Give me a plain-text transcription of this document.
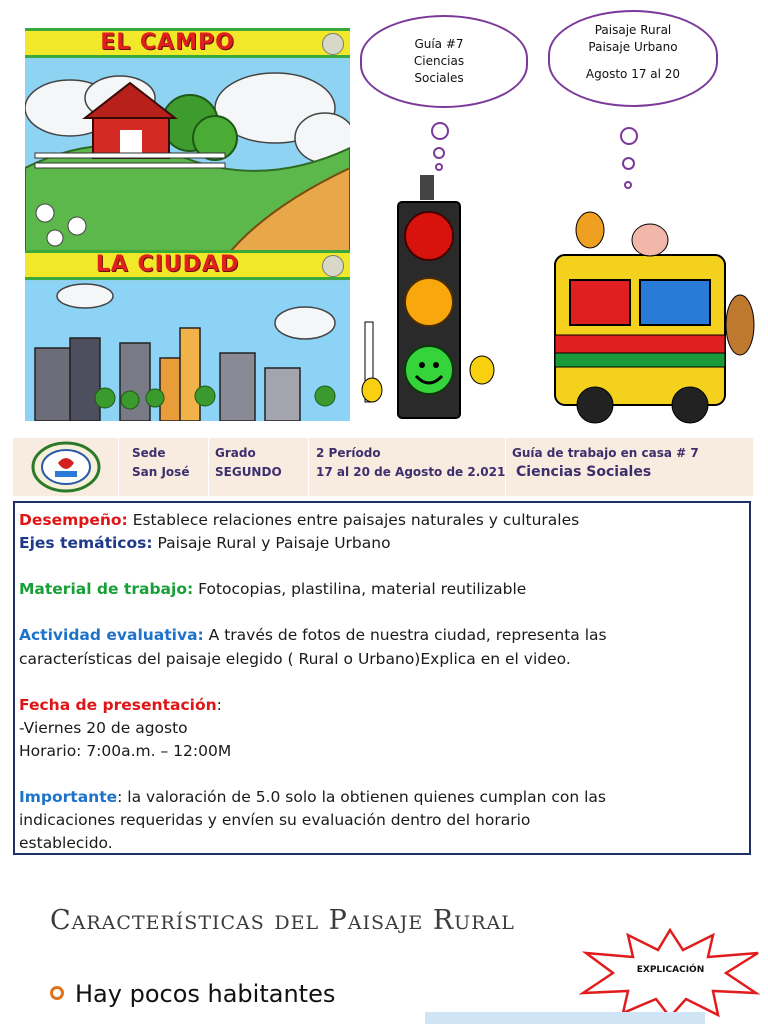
EL CAMPO
LA CIUDAD
Guía #7
Ciencias
Sociales
Paisaje Rural
Paisaje Urbano
Agosto 17 al 20
Sede
San José
Grado
SEGUNDO
2 Período
17 al 20 de Agosto de 2.021
Guía de trabajo en casa # 7
Ciencias Sociales
Desempeño: Establece relaciones entre paisajes naturales y culturales
Ejes temáticos: Paisaje Rural y Paisaje Urbano
Material de trabajo: Fotocopias, plastilina, material reutilizable
Actividad evaluativa: A través de fotos de nuestra ciudad, representa las
características del paisaje elegido ( Rural o Urbano)Explica en el video.
Fecha de presentación:
-Viernes 20 de agosto
Horario: 7:00a.m. – 12:00M
Importante: la valoración de 5.0 solo la obtienen quienes cumplan con las
indicaciones requeridas y envíen su evaluación dentro del horario
establecido.
Características del Paisaje Rural
Hay pocos habitantes
EXPLICACIÓN
